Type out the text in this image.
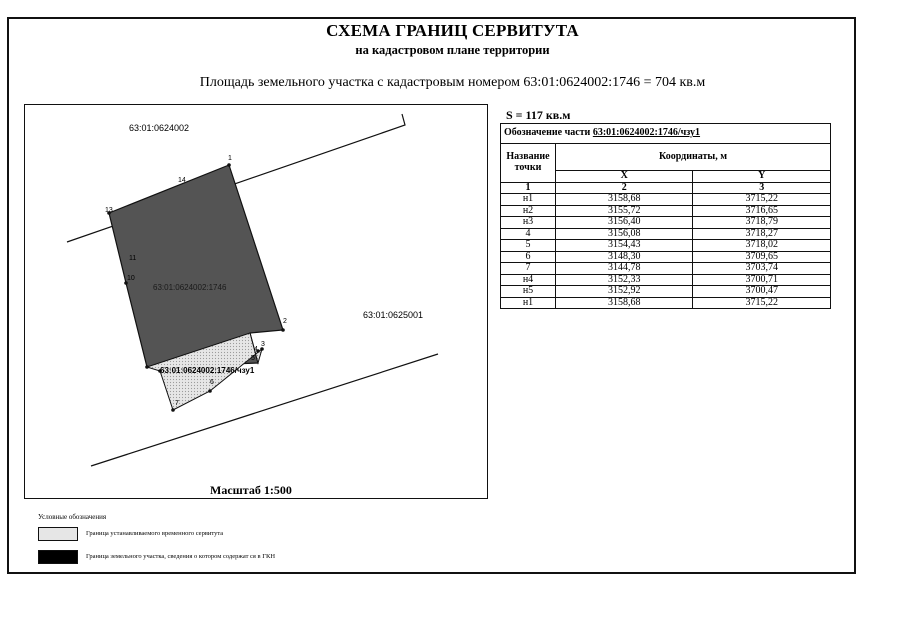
СХЕМА ГРАНИЦ СЕРВИТУТА
на кадастровом плане территории
Площадь земельного участка с кадастровым номером 63:01:0624002:1746 = 704 кв.м
63:01:0624002
63:01:0625001
63:01:0624002:1746
63:01:0624002:1746/чзу1
1
14
13
11
10
2
3
4
5
6
7
Масштаб 1:500
S = 117 кв.м
Обозначение части 63:01:0624002:1746/чзу1		
Название точки	Координаты, м	
	X	Y
1	2	3
н1	3158,68	3715,22
н2	3155,72	3716,65
н3	3156,40	3718,79
4	3156,08	3718,27
5	3154,43	3718,02
6	3148,30	3709,65
7	3144,78	3703,74
н4	3152,33	3700,71
н5	3152,92	3700,47
н1	3158,68	3715,22
Условные обозначения
Граница устанавливаемого временного сервитута
Граница земельного участка, сведения о котором содержат ся в ГКН
